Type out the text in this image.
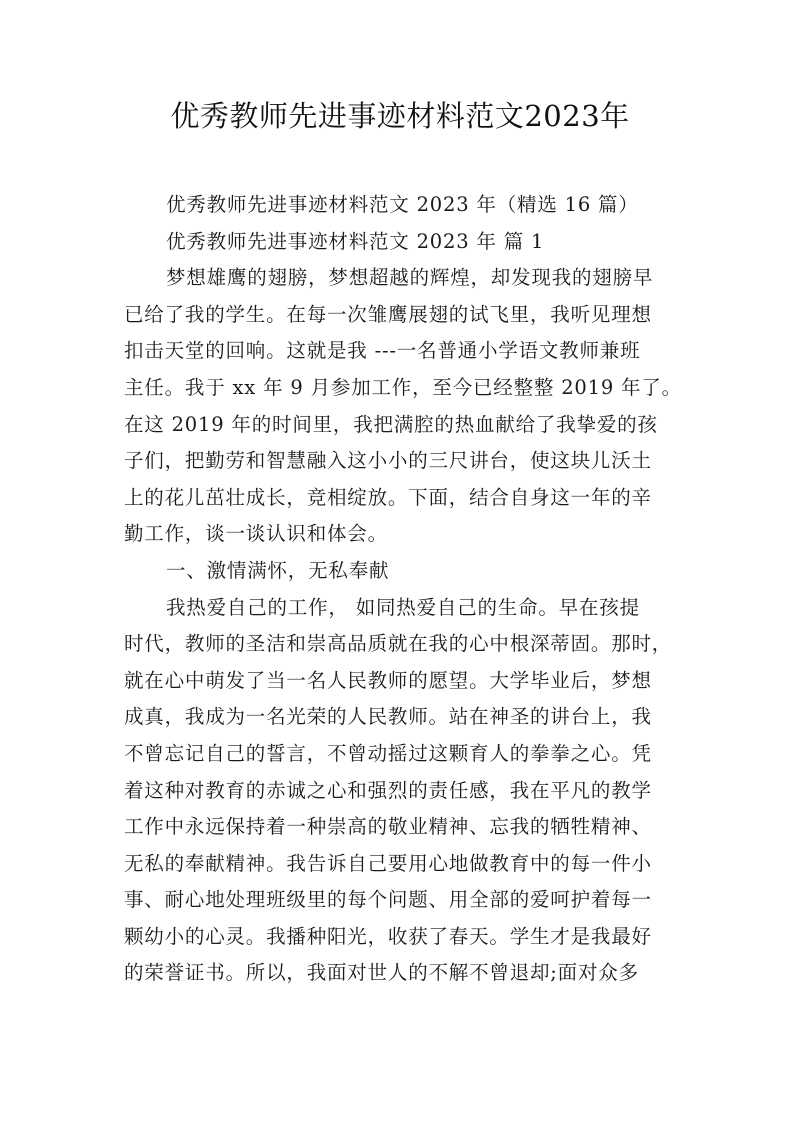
优秀教师先进事迹材料范文2023年
优秀教师先进事迹材料范文 2023 年（精选 16 篇）
优秀教师先进事迹材料范文 2023 年 篇 1
梦想雄鹰的翅膀，梦想超越的辉煌，却发现我的翅膀早
已给了我的学生。在每一次雏鹰展翅的试飞里，我听见理想
扣击天堂的回响。这就是我 ---一名普通小学语文教师兼班
主任。我于 xx 年 9 月参加工作，至今已经整整 2019 年了。
在这 2019 年的时间里，我把满腔的热血献给了我挚爱的孩
子们，把勤劳和智慧融入这小小的三尺讲台，使这块儿沃土
上的花儿茁壮成长，竞相绽放。下面，结合自身这一年的辛
勤工作，谈一谈认识和体会。
一、激情满怀，无私奉献
我热爱自己的工作， 如同热爱自己的生命。早在孩提
时代，教师的圣洁和崇高品质就在我的心中根深蒂固。那时，
就在心中萌发了当一名人民教师的愿望。大学毕业后，梦想
成真，我成为一名光荣的人民教师。站在神圣的讲台上，我
不曾忘记自己的誓言，不曾动摇过这颗育人的拳拳之心。凭
着这种对教育的赤诚之心和强烈的责任感，我在平凡的教学
工作中永远保持着一种崇高的敬业精神、忘我的牺牲精神、
无私的奉献精神。我告诉自己要用心地做教育中的每一件小
事、耐心地处理班级里的每个问题、用全部的爱呵护着每一
颗幼小的心灵。我播种阳光，收获了春天。学生才是我最好
的荣誉证书。所以，我面对世人的不解不曾退却;面对众多
